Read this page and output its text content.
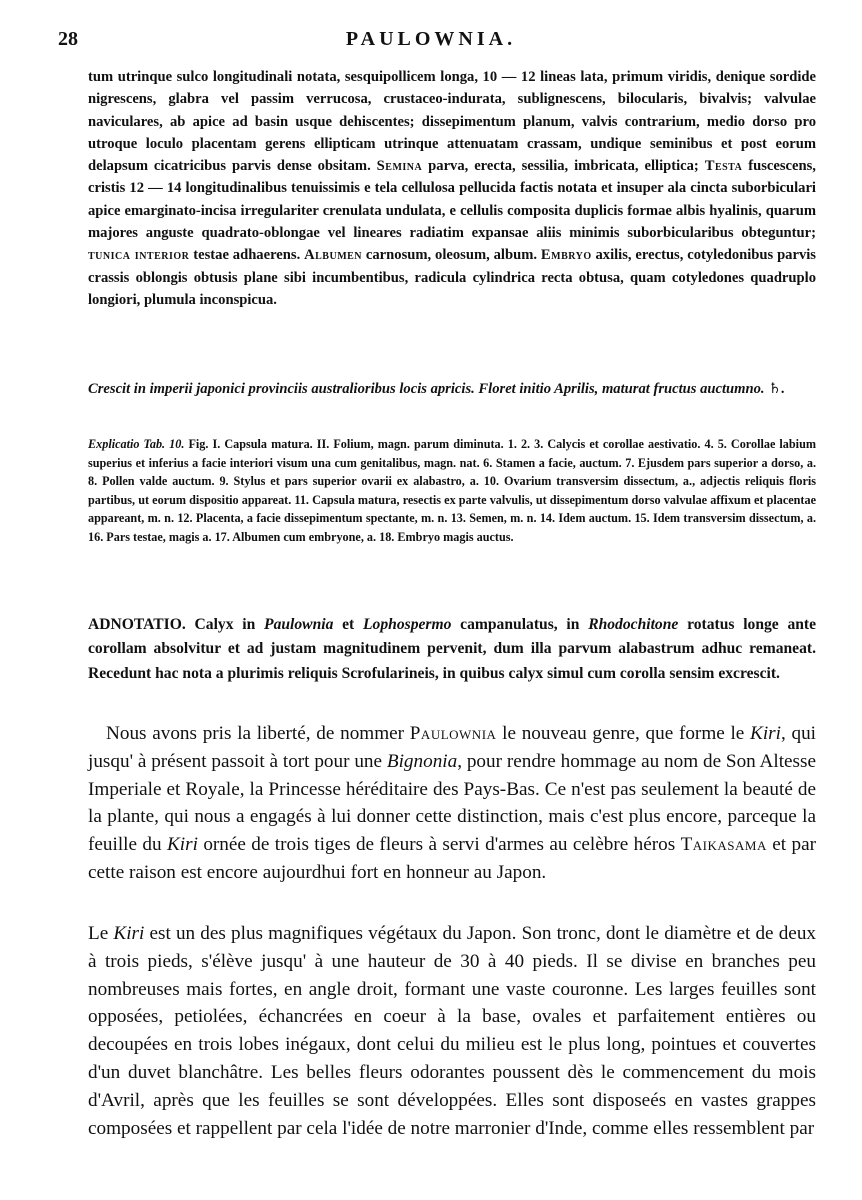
28	PAULOWNIA.
tum utrinque sulco longitudinali notata, sesquipollicem longa, 10 — 12 lineas lata, primum viridis, denique sordide nigrescens, glabra vel passim verrucosa, crustaceo-indurata, sublignescens, bilocularis, bivalvis; valvulae naviculares, ab apice ad basin usque dehiscentes; dissepimentum planum, valvis contrarium, medio dorso pro utroque loculo placentam gerens ellipticam utrinque attenuatam crassam, undique seminibus et post eorum delapsum cicatricibus parvis dense obsitam. Semina parva, erecta, sessilia, imbricata, elliptica; Testa fuscescens, cristis 12 — 14 longitudinalibus tenuissimis e tela cellulosa pellucida factis notata et insuper ala cincta suborbiculari apice emarginato-incisa irregulariter crenulata undulata, e cellulis composita duplicis formae albis hyalinis, quarum majores anguste quadrato-oblongae vel lineares radiatim expansae aliis minimis suborbicularibus obteguntur; tunica interior testae adhaerens. Albumen carnosum, oleosum, album. Embryo axilis, erectus, cotyledonibus parvis crassis oblongis obtusis plane sibi incumbentibus, radicula cylindrica recta obtusa, quam cotyledones quadruplo longiori, plumula inconspicua.
Crescit in imperii japonici provinciis australioribus locis apricis. Floret initio Aprilis, maturat fructus auctumno. ♄.
Explicatio Tab. 10. Fig. I. Capsula matura. II. Folium, magn. parum diminuta. 1. 2. 3. Calycis et corollae aestivatio. 4. 5. Corollae labium superius et inferius a facie interiori visum una cum genitalibus, magn. nat. 6. Stamen a facie, auctum. 7. Ejusdem pars superior a dorso, a. 8. Pollen valde auctum. 9. Stylus et pars superior ovarii ex alabastro, a. 10. Ovarium transversim dissectum, a., adjectis reliquis floris partibus, ut eorum dispositio appareat. 11. Capsula matura, resectis ex parte valvulis, ut dissepimentum dorso valvulae affixum et placentae appareant, m. n. 12. Placenta, a facie dissepimentum spectante, m. n. 13. Semen, m. n. 14. Idem auctum. 15. Idem transversim dissectum, a. 16. Pars testae, magis a. 17. Albumen cum embryone, a. 18. Embryo magis auctus.
ADNOTATIO. Calyx in Paulownia et Lophospermo campanulatus, in Rhodochitone rotatus longe ante corollam absolvitur et ad justam magnitudinem pervenit, dum illa parvum alabastrum adhuc remaneat. Recedunt hac nota a plurimis reliquis Scrofularineis, in quibus calyx simul cum corolla sensim excrescit.
Nous avons pris la liberté, de nommer Paulownia le nouveau genre, que forme le Kiri, qui jusqu' à présent passoit à tort pour une Bignonia, pour rendre hommage au nom de Son Altesse Imperiale et Royale, la Princesse héréditaire des Pays-Bas. Ce n'est pas seulement la beauté de la plante, qui nous a engagés à lui donner cette distinction, mais c'est plus encore, parceque la feuille du Kiri ornée de trois tiges de fleurs à servi d'armes au celèbre héros Taikasama et par cette raison est encore aujourdhui fort en honneur au Japon.
Le Kiri est un des plus magnifiques végétaux du Japon. Son tronc, dont le diamètre et de deux à trois pieds, s'élève jusqu' à une hauteur de 30 à 40 pieds. Il se divise en branches peu nombreuses mais fortes, en angle droit, formant une vaste couronne. Les larges feuilles sont opposées, petiolées, échancrées en coeur à la base, ovales et parfaitement entières ou decoupées en trois lobes inégaux, dont celui du milieu est le plus long, pointues et couvertes d'un duvet blanchâtre. Les belles fleurs odorantes poussent dès le commencement du mois d'Avril, après que les feuilles se sont développées. Elles sont disposeés en vastes grappes composées et rappellent par cela l'idée de notre marronier d'Inde, comme elles ressemblent par
